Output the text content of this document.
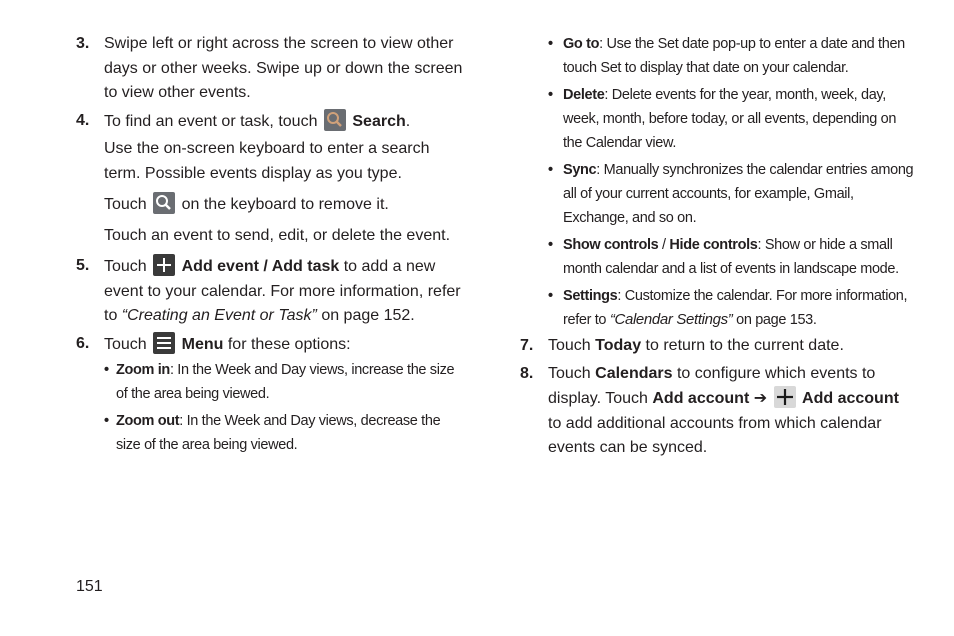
3. Swipe left or right across the screen to view other days or other weeks. Swipe up or down the screen to view other events.

4. To find an event or task, touch Search.

Use the on-screen keyboard to enter a search term. Possible events display as you type.

Touch on the keyboard to remove it.

Touch an event to send, edit, or delete the event.

5. Touch Add event / Add task to add a new event to your calendar. For more information, refer to “Creating an Event or Task” on page 152.

6. Touch Menu for these options:

• Zoom in: In the Week and Day views, increase the size of the area being viewed.
• Zoom out: In the Week and Day views, decrease the size of the area being viewed.
• Go to: Use the Set date pop-up to enter a date and then touch Set to display that date on your calendar.
• Delete: Delete events for the year, month, week, day, week, month, before today, or all events, depending on the Calendar view.
• Sync: Manually synchronizes the calendar entries among all of your current accounts, for example, Gmail, Exchange, and so on.
• Show controls / Hide controls: Show or hide a small month calendar and a list of events in landscape mode.
• Settings: Customize the calendar. For more information, refer to “Calendar Settings” on page 153.
7. Touch Today to return to the current date.

8. Touch Calendars to configure which events to display. Touch Add account ➔ Add account to add additional accounts from which calendar events can be synced.

151
